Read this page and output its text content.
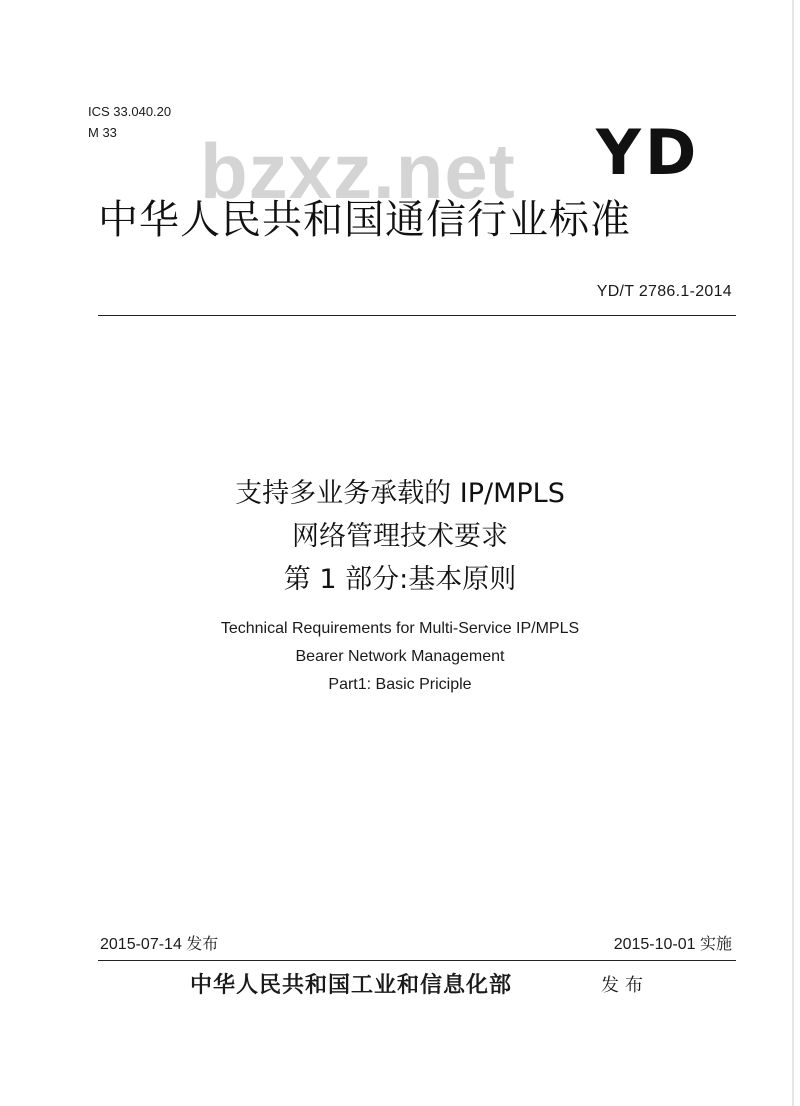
ICS 33.040.20
M 33 bzxz.net YD
中华人民共和国通信行业标准
YD/T 2786.1-2014
支持多业务承载的 IP/MPLS
网络管理技术要求
第 1 部分:基本原则
Technical Requirements for Multi-Service IP/MPLS
Bearer Network Management
Part1: Basic Priciple
2015-07-14 发布	2015-10-01 实施
中华人民共和国工业和信息化部	发布
